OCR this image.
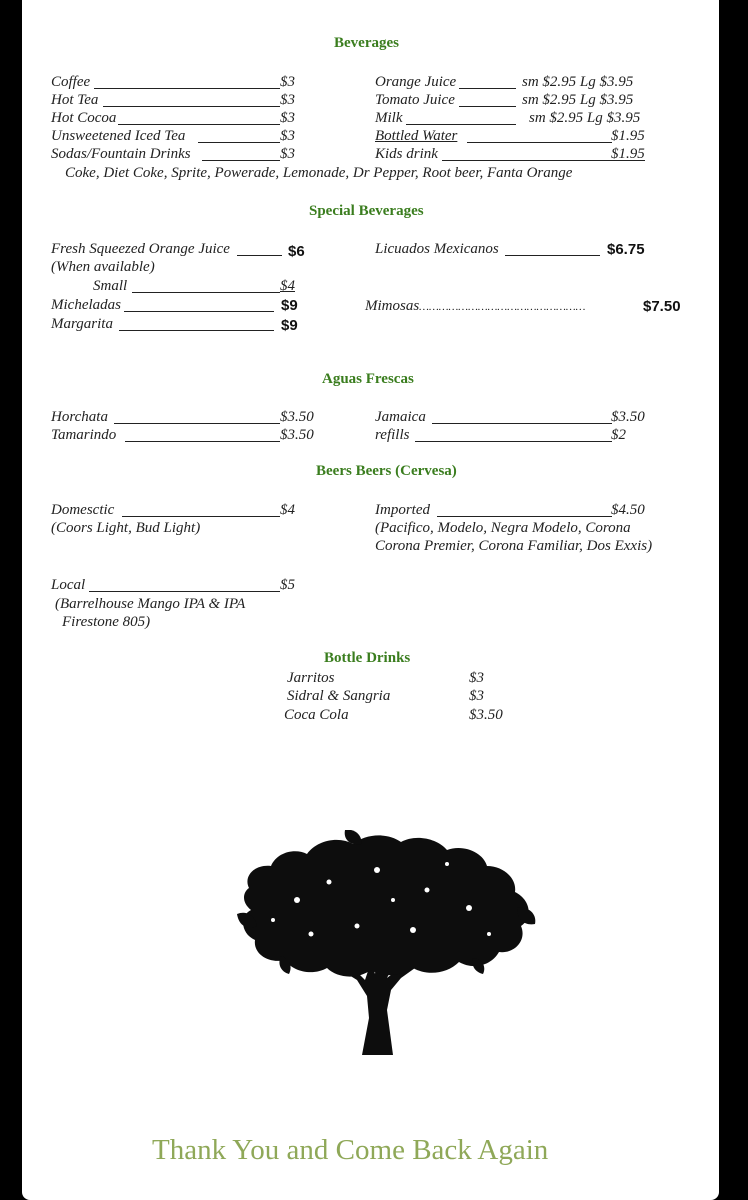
Beverages
Coffee	$3
Hot Tea	$3
Hot Cocoa	$3
Unsweetened Iced Tea	$3
Sodas/Fountain Drinks	$3
Orange Juice	sm $2.95 Lg $3.95
Tomato Juice	sm $2.95 Lg $3.95
Milk	sm $2.95 Lg $3.95
Bottled Water	$1.95
Kids drink	$1.95
Coke, Diet Coke, Sprite, Powerade, Lemonade, Dr Pepper, Root beer, Fanta Orange
Special Beverages
Fresh Squeezed Orange Juice	$6
(When available)
Small	$4
Micheladas	$9
Margarita	$9
Licuados Mexicanos	$6.75
Mimosas……………………………………………	$7.50
Aguas Frescas
Horchata	$3.50
Tamarindo	$3.50
Jamaica	$3.50
refills	$2
Beers Beers (Cervesa)
Domesctic	$4
(Coors Light, Bud Light)
Imported	$4.50
(Pacifico, Modelo, Negra Modelo, Corona
Corona Premier, Corona Familiar, Dos Exxis)
Local	$5
(Barrelhouse Mango IPA & IPA
Firestone 805)
Bottle Drinks
Jarritos	$3
Sidral & Sangria	$3
Coca Cola	$3.50
Thank You and Come Back Again
